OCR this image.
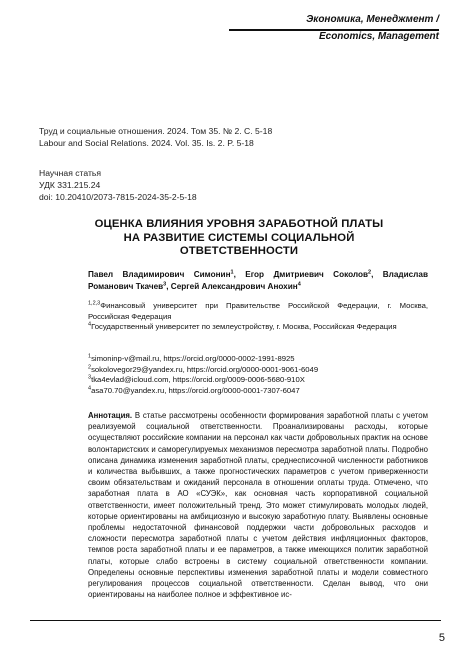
Экономика, Менеджмент /
Economics, Management
Труд и социальные отношения. 2024. Том 35. № 2. С. 5-18
Labour and Social Relations. 2024. Vol. 35. Is. 2. P. 5-18
Научная статья
УДК 331.215.24
doi: 10.20410/2073-7815-2024-35-2-5-18
ОЦЕНКА ВЛИЯНИЯ УРОВНЯ ЗАРАБОТНОЙ ПЛАТЫ
НА РАЗВИТИЕ СИСТЕМЫ СОЦИАЛЬНОЙ
ОТВЕТСТВЕННОСТИ
Павел Владимирович Симонин$^1$, Егор Дмитриевич Соколов$^2$, Владислав Романович Ткачев$^3$, Сергей Александрович Анохин$^4$

$^{1,2,3}$Финансовый университет при Правительстве Российской Федерации, г. Москва, Российская Федерация

$^4$Государственный университет по землеустройству, г. Москва, Российская Федерация

$^1$simoninp-v@mail.ru, https://orcid.org/0000-0002-1991-8925
$^2$sokolovegor29@yandex.ru, https://orcid.org/0000-0001-9061-6049
$^3$tka4evlad@icloud.com, https://orcid.org/0009-0006-5680-910X
$^4$asa70.70@yandex.ru, https://orcid.org/0000-0001-7307-6047
Аннотация. В статье рассмотрены особенности формирования заработной платы с учетом реализуемой социальной ответственности. Проанализированы расходы, которые осуществляют российские компании на персонал как части добровольных практик на основе волонтаристских и саморегулируемых механизмов пересмотра заработной платы. Подробно описана динамика изменения заработной платы, среднесписочной численности работников и количества выбывших, а также прогностических параметров с учетом приверженности своим обязательствам и ожиданий персонала в отношении оплаты труда. Отмечено, что заработная плата в АО «СУЭК», как основная часть корпоративной социальной ответственности, имеет положительный тренд. Это может стимулировать молодых людей, которые ориентированы на амбициозную и высокую заработную плату. Выявлены основные проблемы недостаточной финансовой поддержки части добровольных расходов и сложности пересмотра заработной платы с учетом действия инфляционных факторов, темпов роста заработной платы и ее параметров, а также имеющихся политик заработной платы, которые слабо встроены в систему социальной ответственности компании. Определены основные перспективы изменения заработной платы и модели совместного регулирования процессов социальной ответственности. Сделан вывод, что они ориентированы на наиболее полное и эффективное ис-
5
